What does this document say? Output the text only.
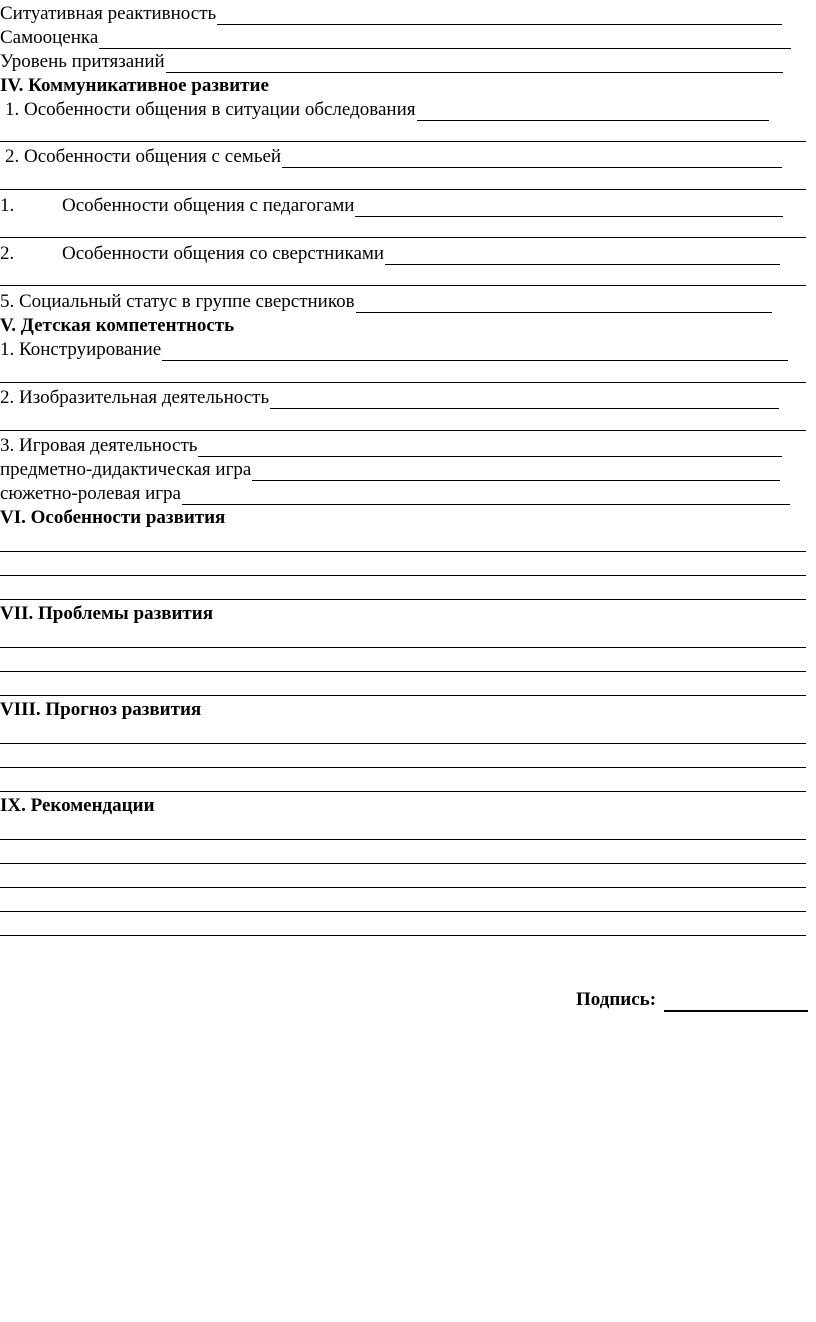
Ситуативная реактивность
Самооценка
Уровень притязаний
IV. Коммуникативное развитие
1. Особенности общения в ситуации обследования
2. Особенности общения с семьей
1.	Особенности общения с педагогами
2.	Особенности общения со сверстниками
5. Социальный статус в группе сверстников
V. Детская компетентность
1. Конструирование
2. Изобразительная деятельность
3. Игровая деятельность
предметно-дидактическая игра
сюжетно-ролевая игра
VI. Особенности развития
VII. Проблемы развития
VIII. Прогноз развития
IX. Рекомендации
Подпись:
